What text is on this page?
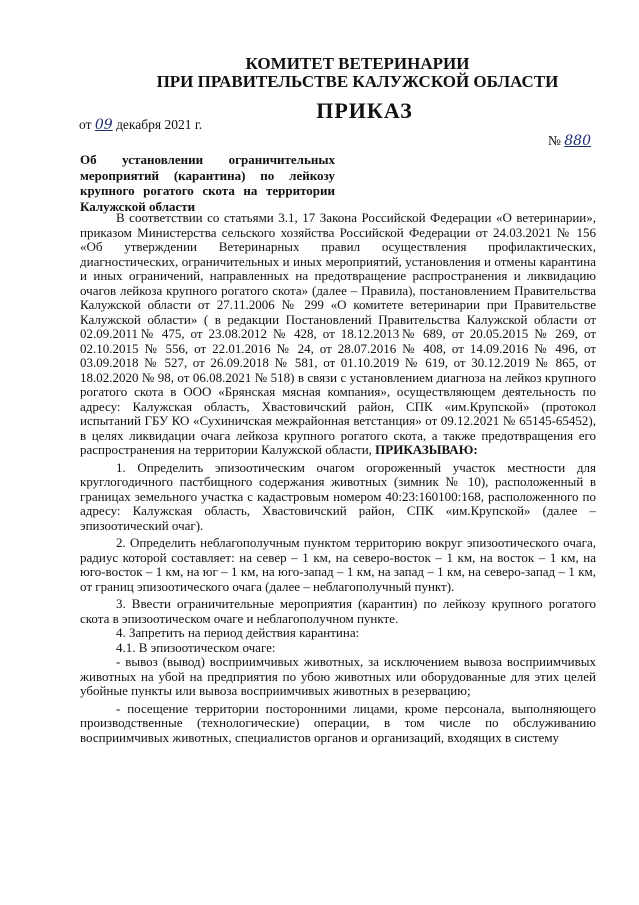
КОМИТЕТ ВЕТЕРИНАРИИ
ПРИ ПРАВИТЕЛЬСТВЕ КАЛУЖСКОЙ ОБЛАСТИ
ПРИКАЗ
от 09 декабря 2021 г.
№ 880
Об установлении ограничительных мероприятий (карантина) по лейкозу крупного рогатого скота на территории Калужской области

В соответствии со статьями 3.1, 17 Закона Российской Федерации «О ветеринарии», приказом Министерства сельского хозяйства Российской Федерации от 24.03.2021 № 156 «Об утверждении Ветеринарных правил осуществления профилактических, диагностических, ограничительных и иных мероприятий, установления и отмены карантина и иных ограничений, направленных на предотвращение распространения и ликвидацию очагов лейкоза крупного рогатого скота» (далее – Правила), постановлением Правительства Калужской области от 27.11.2006 № 299 «О комитете ветеринарии при Правительстве Калужской области» ( в редакции Постановлений Правительства Калужской области от 02.09.2011№ 475, от 23.08.2012 № 428, от 18.12.2013№ 689, от 20.05.2015 № 269, от 02.10.2015 № 556, от 22.01.2016 № 24, от 28.07.2016 № 408, от 14.09.2016 № 496, от 03.09.2018 № 527, от 26.09.2018 № 581, от 01.10.2019 № 619, от 30.12.2019 № 865, от 18.02.2020 № 98, от 06.08.2021 № 518) в связи с установлением диагноза на лейкоз крупного рогатого скота в ООО «Брянская мясная компания», осуществляющем деятельность по адресу: Калужская область, Хвастовичский район, СПК «им.Крупской» (протокол испытаний ГБУ КО «Сухиничская межрайонная ветстанция» от 09.12.2021 № 65145-65452), в целях ликвидации очага лейкоза крупного рогатого скота, а также предотвращения его распространения на территории Калужской области, ПРИКАЗЫВАЮ:

1. Определить эпизоотическим очагом огороженный участок местности для круглогодичного пастбищного содержания животных (зимник № 10), расположенный в границах земельного участка с кадастровым номером 40:23:160100:168, расположенного по адресу: Калужская область, Хвастовичский район, СПК «им.Крупской» (далее – эпизоотический очаг).

2. Определить неблагополучным пунктом территорию вокруг эпизоотического очага, радиус которой составляет: на север – 1 км, на северо-восток – 1 км, на восток – 1 км, на юго-восток – 1 км, на юг – 1 км, на юго-запад – 1 км, на запад – 1 км, на северо-запад – 1 км, от границ эпизоотического очага (далее – неблагополучный пункт).

3. Ввести ограничительные мероприятия (карантин) по лейкозу крупного рогатого скота в эпизоотическом очаге и неблагополучном пункте.

4. Запретить на период действия карантина:

4.1. В эпизоотическом очаге:

- вывоз (вывод) восприимчивых животных, за исключением вывоза восприимчивых животных на убой на предприятия по убою животных или оборудованные для этих целей убойные пункты или вывоза восприимчивых животных в резервацию;

- посещение территории посторонними лицами, кроме персонала, выполняющего производственные (технологические) операции, в том числе по обслуживанию восприимчивых животных, специалистов органов и организаций, входящих в систему
